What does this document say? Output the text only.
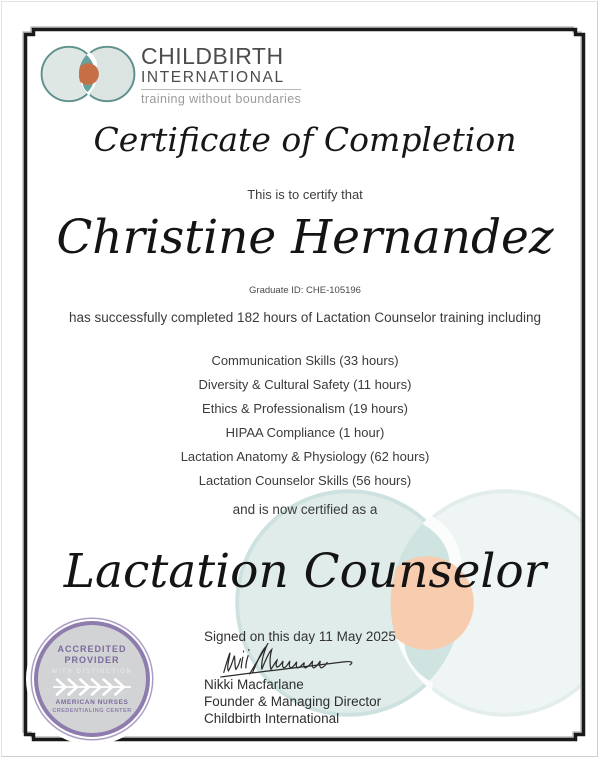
CHILDBIRTH
INTERNATIONAL
training without boundaries
Certificate of Completion
This is to certify that
Christine Hernandez
Graduate ID: CHE-105196
has successfully completed 182 hours of Lactation Counselor training including
Communication Skills (33 hours)
Diversity & Cultural Safety (11 hours)
Ethics & Professionalism (19 hours)
HIPAA Compliance (1 hour)
Lactation Anatomy & Physiology (62 hours)
Lactation Counselor Skills (56 hours)
and is now certified as a
Lactation Counselor
Signed on this day 11 May 2025
Nikki Macfarlane
Founder & Managing Director
Childbirth International
ACCREDITED
PROVIDER
WITH DISTINCTION
AMERICAN NURSES
CREDENTIALING CENTER
